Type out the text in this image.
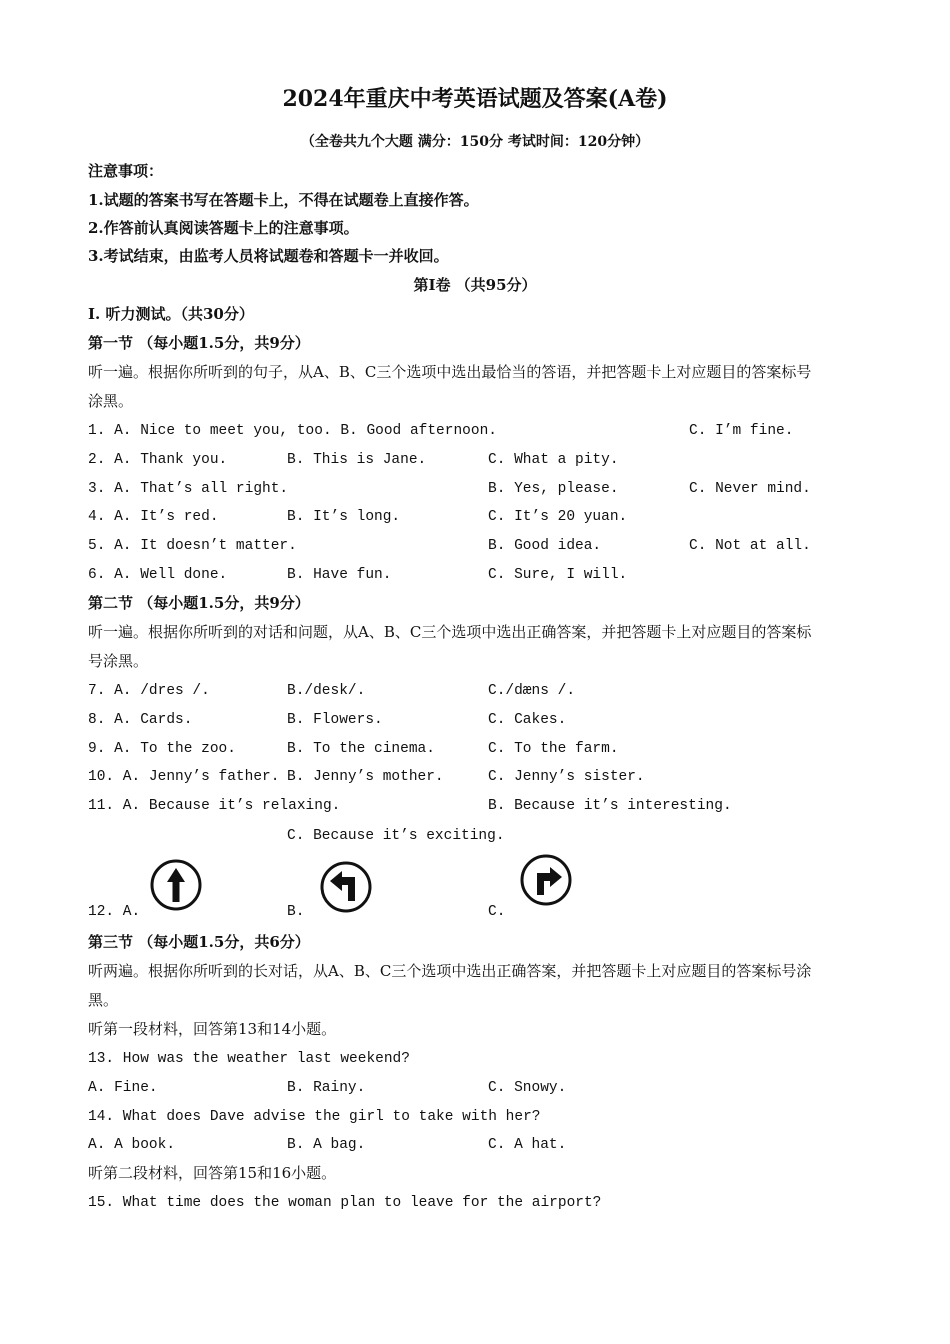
2024年重庆中考英语试题及答案(A卷)
（全卷共九个大题 满分：150分 考试时间：120分钟）
注意事项：
1.试题的答案书写在答题卡上，不得在试题卷上直接作答。
2.作答前认真阅读答题卡上的注意事项。
3.考试结束，由监考人员将试题卷和答题卡一并收回。
第Ⅰ卷 （共95分）
Ⅰ. 听力测试。（共30分）
第一节 （每小题1.5分，共9分）
听一遍。根据你所听到的句子，从A、B、C三个选项中选出最恰当的答语，并把答题卡上对应题目的答案标号
涂黑。
1. A. Nice to meet you, too. B. Good afternoon.	C. I’m fine.
2. A. Thank you.	B. This is Jane.	C. What a pity.
3. A. That’s all right.	B. Yes, please.	C. Never mind.
4. A. It’s red.	B. It’s long.	C. It’s 20 yuan.
5. A. It doesn’t matter.	B. Good idea.	C. Not at all.
6. A. Well done.	B. Have fun.	C. Sure, I will.
第二节 （每小题1.5分，共9分）
听一遍。根据你所听到的对话和问题，从A、B、C三个选项中选出正确答案，并把答题卡上对应题目的答案标
号涂黑。
7. A. /dres /.	B./desk/.	C./dæns /.
8. A. Cards.	B. Flowers.	C. Cakes.
9. A. To the zoo.	B. To the cinema.	C. To the farm.
10. A. Jenny’s father. B. Jenny’s mother.	C. Jenny’s sister.
11. A. Because it’s relaxing.	B. Because it’s interesting.
C. Because it’s exciting.
12. A.	B.	C.
第三节 （每小题1.5分，共6分）
听两遍。根据你所听到的长对话，从A、B、C三个选项中选出正确答案，并把答题卡上对应题目的答案标号涂
黑。
听第一段材料，回答第13和14小题。
13. How was the weather last weekend?
A. Fine.	B. Rainy.	C. Snowy.
14. What does Dave advise the girl to take with her?
A. A book.	B. A bag.	C. A hat.
听第二段材料，回答第15和16小题。
15. What time does the woman plan to leave for the airport?
